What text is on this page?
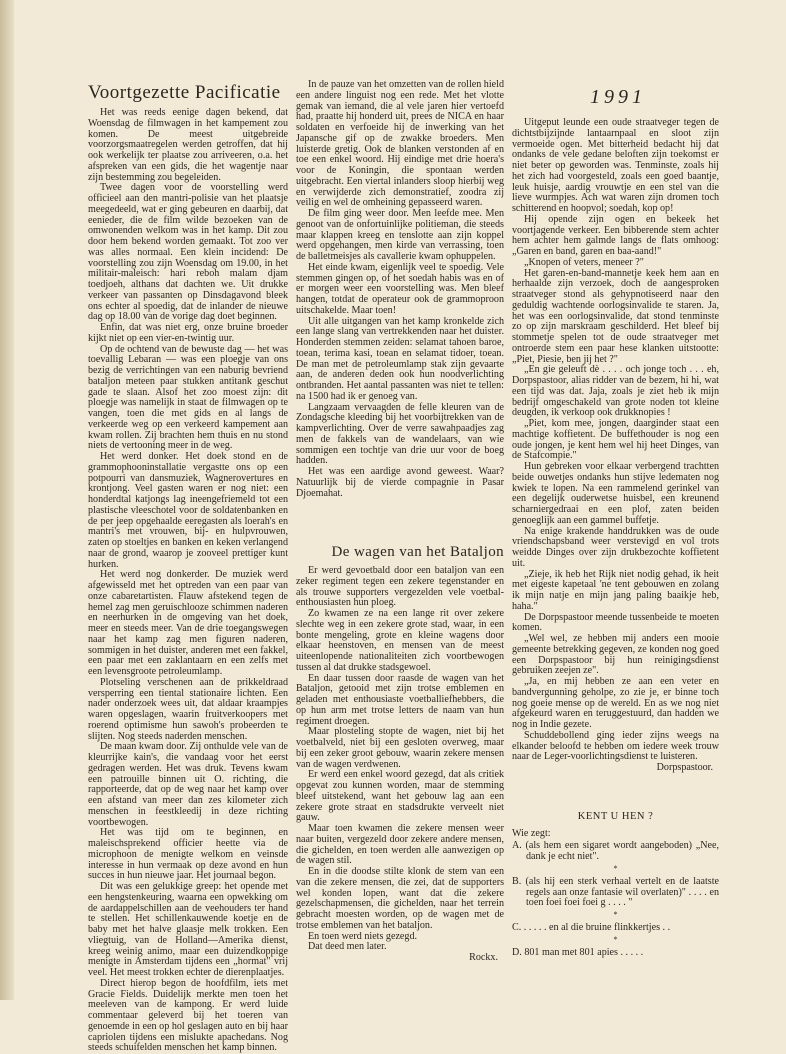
Voortgezette Pacificatie	1991

Het was reeds eenige dagen bekend, dat Woensdag de filmwagen in het kampement zou komen. De meest uitgebreide voorzorgsmaatregelen werden getroffen, dat hij ook werkelijk ter plaatse zou arriveeren, o.a. het afspreken van een gids, die het wagentje naar zijn bestemming zou begeleiden.

Twee dagen voor de voorstelling werd officieel aan den mantri-polisie van het plaatsje meegedeeld, wat er ging gebeuren en daarbij, dat eenieder, die de film wilde bezoeken van de omwonenden welkom was in het kamp. Dit zou door hem bekend worden gemaakt. Tot zoo ver was alles normaal. Een klein incidend: De voorstelling zou zijn Woensdag om 19.00, in het militair-maleisch: hari reboh malam djam toedjoeh, althans dat dachten we. Uit drukke verkeer van passanten op Dinsdagavond bleek ons echter al spoedig, dat de inlander de nieuwe dag op 18.00 van de vorige dag doet beginnen.

Enfin, dat was niet erg, onze bruine broeder kijkt niet op een vier-en-twintig uur.

Op de ochtend van de bewuste dag — het was toevallig Lebaran — was een ploegje van ons bezig de verrichtingen van een naburig bevriend bataljon meteen paar stukken antitank geschut gade te slaan. Alsof het zoo moest zijn: dit ploegje was namelijk in staat de filmwagen op te vangen, toen die met gids en al langs de verkeerde weg op een verkeerd kampement aan kwam rollen. Zij brachten hem thuis en nu stond niets de vertooning meer in de weg.

Het werd donker. Het doek stond en de grammophooninstallatie vergastte ons op een potpourri van dansmuziek, Wagnerovertures en krontjong. Veel gasten waren er nog niet: een honderdtal katjongs lag ineengefriemeld tot een plastische vleeschotel voor de soldatenbanken en de per jeep opgehaalde eeregasten als loerah's en mantri's met vrouwen, bij- en hulpvrouwen, zaten op stoeltjes en banken en keken verlangend naar de grond, waarop je zooveel prettiger kunt hurken.

Het werd nog donkerder. De muziek werd afgewisseld met het optreden van een paar van onze cabaretartisten. Flauw afstekend tegen de hemel zag men geruischlooze schimmen naderen en neerhurken in de omgeving van het doek, meer en steeds meer. Van de drie toegangswegen naar het kamp zag men figuren naderen, sommigen in het duister, anderen met een fakkel, een paar met een zaklantaarn en een zelfs met een levensgroote petroleumlamp.

Plotseling verschenen aan de prikkeldraad versperring een tiental stationaire lichten. Een nader onderzoek wees uit, dat aldaar kraampjes waren opgeslagen, waarin fruitverkoopers met roerend optimisme hun sawoh's probeerden te slijten. Nog steeds naderden menschen.

De maan kwam door. Zij onthulde vele van de kleurrijke kain's, die vandaag voor het eerst gedragen werden. Het was druk. Tevens kwam een patrouille binnen uit O. richting, die rapporteerde, dat op de weg naar het kamp over een afstand van meer dan zes kilometer zich menschen in feestkleedij in deze richting voortbewogen.

Het was tijd om te beginnen, en maleischsprekend officier heette via de microphoon de menigte welkom en veinsde interesse in hun vermaak op deze avond en hun succes in hun nieuwe jaar. Het journaal begon.

Dit was een gelukkige greep: het opende met een hengstenkeuring, waarna een opwekking om de aardappelschillen aan de veehouders ter hand te stellen. Het schillenkauwende koetje en de baby met het halve glaasje melk trokken. Een vliegtuig, van de Holland—Amerika dienst, kreeg weinig animo, maar een duizendkoppige menigte in Amsterdam tijdens een „hormat" vrij veel. Het meest trokken echter de dierenplaatjes.

Direct hierop begon de hoofdfilm, iets met Gracie Fields. Duidelijk merkte men toen het meeleven van de kampong. Er werd luide commentaar geleverd bij het toeren van genoemde in een op hol geslagen auto en bij haar capriolen tijdens een mislukte apachedans. Nog steeds schuifelden menschen het kamp binnen.

In de pauze van het omzetten van de rollen hield een andere linguist nog een rede. Met het vlotte gemak van iemand, die al vele jaren hier vertoefd had, praatte hij honderd uit, prees de NICA en haar soldaten en verfoeide hij de inwerking van het Japansche gif op de zwakke broeders. Men luisterde gretig. Ook de blanken verstonden af en toe een enkel woord. Hij eindige met drie hoera's voor de Koningin, die spontaan werden uitgebracht. Een viertal inlanders sloop hierbij weg en verwijderde zich demonstratief, zoodra zij veilig en wel de omheining gepasseerd waren.

De film ging weer door. Men leefde mee. Men genoot van de onfortuinlijke politieman, die steeds maar klappen kreeg en tenslotte aan zijn koppel werd opgehangen, men kirde van verrassing, toen de balletmeisjes als cavallerie kwam ophuppelen.

Het einde kwam, eigenlijk veel te spoedig. Vele stemmen gingen op, of het soedah habis was en of er morgen weer een voorstelling was. Men bleef hangen, totdat de operateur ook de grammoproon uitschakelde. Maar toen!

Uit alle uitgangen van het kamp kronkelde zich een lange slang van vertrekkenden naar het duister. Honderden stemmen zeiden: selamat tahoen baroe, toean, terima kasi, toean en selamat tidoer, toean. De man met de petroleumlamp stak zijn gevaarte aan, de anderen deden ook hun noodverlichting ontbranden. Het aantal passanten was niet te tellen: na 1500 had ik er genoeg van.

Langzaam vervaagden de felle kleuren van de Zondagsche kleeding bij het voorbijtrekken van de kampverlichting. Over de verre sawahpaadjes zag men de fakkels van de wandelaars, van wie sommigen een tochtje van drie uur voor de boeg hadden.

Het was een aardige avond geweest. Waar? Natuurlijk bij de vierde compagnie in Pasar Djoemahat.

De wagen van het Bataljon

Er werd gevoetbald door een bataljon van een zeker regiment tegen een zekere tegenstander en als trouwe supporters vergezelden vele voetbal-enthousiasten hun ploeg.

Zo kwamen ze na een lange rit over zekere slechte weg in een zekere grote stad, waar, in een bonte mengeling, grote en kleine wagens door elkaar heenstoven, en mensen van de meest uiteenlopende nationaliteiten zich voortbewogen tussen al dat drukke stadsgewoel.

En daar tussen door raasde de wagen van het Bataljon, getooid met zijn trotse emblemen en geladen met enthousiaste voetballiefhebbers, die op hun arm met trotse letters de naam van hun regiment droegen.

Maar plosteling stopte de wagen, niet bij het voetbalveld, niet bij een gesloten overweg, maar bij een zeker groot gebouw, waarin zekere mensen van de wagen verdwenen.

Er werd een enkel woord gezegd, dat als critiek opgevat zou kunnen worden, maar de stemming bleef uitstekend, want het gebouw lag aan een zekere grote straat en stadsdrukte verveelt niet gauw.

Maar toen kwamen die zekere mensen weer naar buiten, vergezeld door zekere andere mensen, die gichelden, en toen werden alle aanwezigen op de wagen stil.

En in die doodse stilte klonk de stem van een van die zekere mensen, die zei, dat de supporters wel konden lopen, want dat die zekere gezelschapmensen, die gichelden, naar het terrein gebracht moesten worden, op de wagen met de trotse emblemen van het bataljon.

En toen werd niets gezegd.

Dat deed men later.

Rockx.

Uitgeput leunde een oude straatveger tegen de dichtstbijzijnde lantaarnpaal en sloot zijn vermoeide ogen. Met bitterheid bedacht hij dat ondanks de vele gedane beloften zijn toekomst er niet beter op geworden was. Tenminste, zoals hij het zich had voorgesteld, zoals een goed baantje, leuk huisje, aardig vrouwtje en een stel van die lieve wurmpjes. Ach wat waren zijn dromen toch schitterend en hoopvol; soedah, kop op!

Hij opende zijn ogen en bekeek het voortjagende verkeer. Een bibberende stem achter hem achter hem galmde langs de flats omhoog: „Garen en band, garen en baa-aand!"

„Knopen of veters, meneer ?"

Het garen-en-band-mannetje keek hem aan en herhaalde zijn verzoek, doch de aangesproken straatveger stond als gehypnotiseerd naar den geduldig wachtende oorlogsinvalide te staren. Ja, het was een oorlogsinvalide, dat stond tenminste zo op zijn marskraam geschilderd. Het bleef bij stommetje spelen tot de oude straatveger met ontroerde stem een paar hese klanken uitstootte: „Piet, Piesie, ben jij het ?"

„En gie geleuft dè . . . . och jonge toch . . . eh, Dorpspastoor, alias ridder van de bezem, hi hi, wat een tijd was dat. Jaja, zoals je ziet heb ik mijn bedrijf omgeschakeld van grote noden tot kleine deugden, ik verkoop ook drukknopies !

„Piet, kom mee, jongen, daarginder staat een machtige koffietent. De buffethouder is nog een oude jongen, je kent hem wel hij heet Dinges, van de Stafcompie."

Hun gebreken voor elkaar verbergend trachtten beide ouwetjes ondanks hun stijve ledematen nog kwiek te lopen. Na een rammelend gerinkel van een degelijk ouderwetse huisbel, een kreunend scharniergedraai en een plof, zaten beiden genoeglijk aan een gammel buffetje.

Na enige krakende handdrukken was de oude vriendschapsband weer verstevigd en vol trots weidde Dinges over zijn drukbezochte koffietent uit.

„Zieje, ik heb het Rijk niet nodig gehad, ik heit met eigeste kapetaal 'ne tent gebouwen en zolang ik mijn natje en mijn jang paling baaikje heb, haha."

De Dorpspastoor meende tussenbeide te moeten komen.

„Wel wel, ze hebben mij anders een mooie gemeente betrekking gegeven, ze konden nog goed een Dorpspastoor bij hun reinigingsdienst gebruiken zeejen ze".

„Ja, en mij hebben ze aan een veter en bandvergunning geholpe, zo zie je, er binne toch nog goeie mense op de wereld. En as we nog niet afgekeurd waren en teruggestuurd, dan hadden we nog in Indie gezete.

Schuddebollend ging ieder zijns weegs na elkander beloofd te hebben om iedere week trouw naar de Leger-voorlichtingsdienst te luisteren.

Dorpspastoor.

KENT U HEN ?

Wie zegt:

A. (als hem een sigaret wordt aangeboden) „Nee, dank je echt niet".

*

B. (als hij een sterk verhaal vertelt en de laatste regels aan onze fantasie wil overlaten)" . . . . en toen foei foei foei g . . . . "

*

C. . . . . . en al die bruine flinkkertjes . .

*

D. 801 man met 801 apies . . . . .
